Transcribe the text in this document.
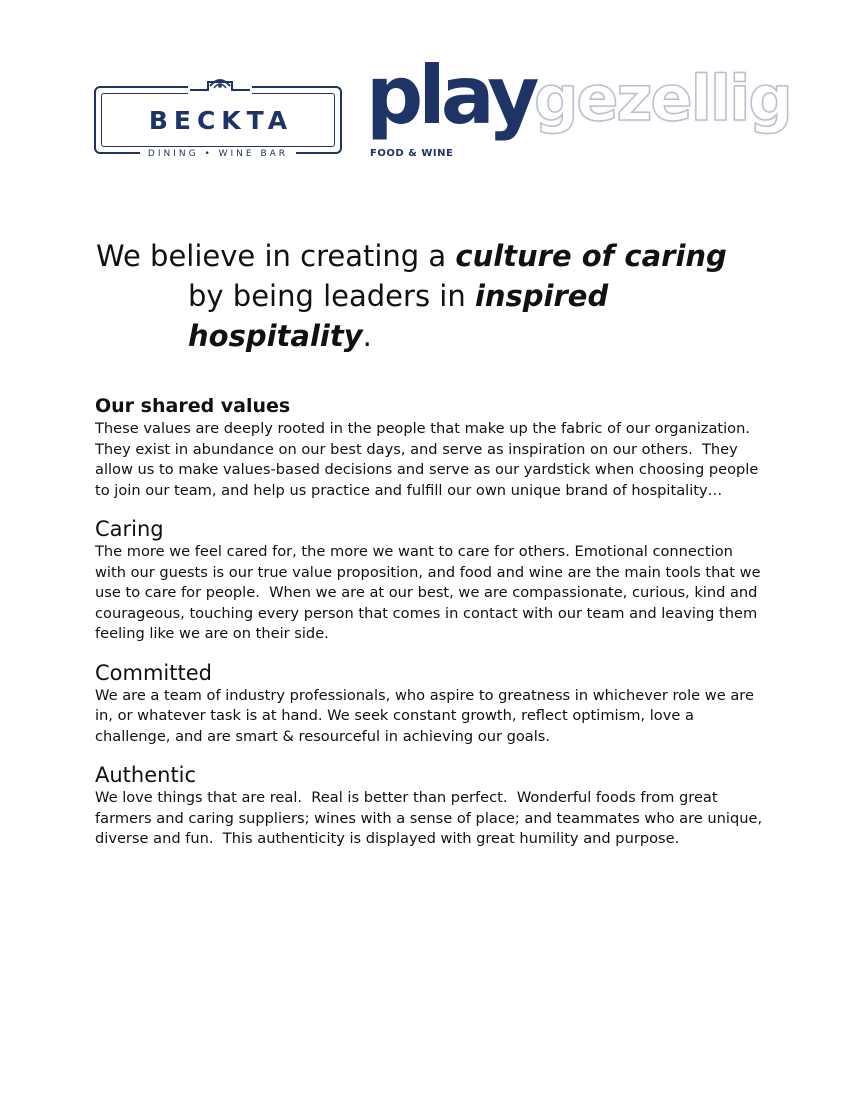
BECKTA
DINING • WINE BAR
play
FOOD & WINE
gezellig
We believe in creating a culture of caring
by being leaders in inspired hospitality.
Our shared values

These values are deeply rooted in the people that make up the fabric of our organization.  They exist in abundance on our best days, and serve as inspiration on our others.  They allow us to make values-based decisions and serve as our yardstick when choosing people to join our team, and help us practice and fulfill our own unique brand of hospitality…

Caring

The more we feel cared for, the more we want to care for others. Emotional connection with our guests is our true value proposition, and food and wine are the main tools that we use to care for people.  When we are at our best, we are compassionate, curious, kind and courageous, touching every person that comes in contact with our team and leaving them feeling like we are on their side.

Committed

We are a team of industry professionals, who aspire to greatness in whichever role we are in, or whatever task is at hand. We seek constant growth, reflect optimism, love a challenge, and are smart & resourceful in achieving our goals.

Authentic

We love things that are real.  Real is better than perfect.  Wonderful foods from great farmers and caring suppliers; wines with a sense of place; and teammates who are unique, diverse and fun.  This authenticity is displayed with great humility and purpose.
